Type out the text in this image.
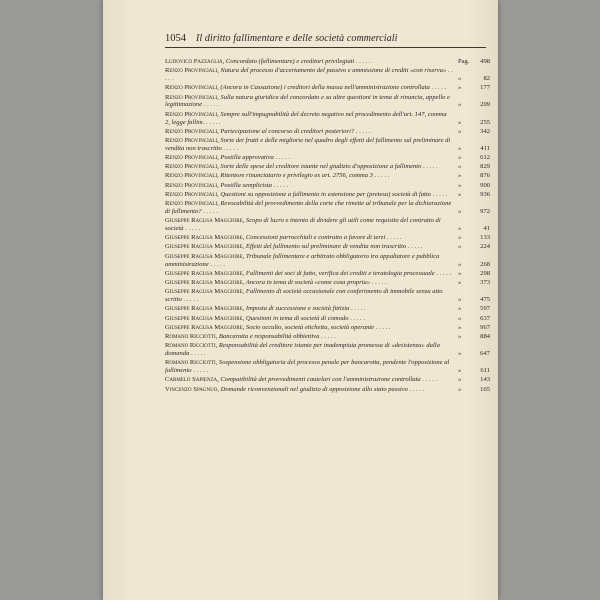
1054 Il diritto fallimentare e delle società commerciali
Ludovico Pazzaglia, Concordato (fallimentare) e creditori privilegiati . . . . .	Pag. 498
Renzo Provinciali, Natura del processo d'accertamento del passivo e ammissione di crediti «con riserva» . . . . .	»	82
Renzo Provinciali, (Ancora in Cassazione) i creditori della massa nell'amministrazione controllata . . . . .	»	177
Renzo Provinciali, Sulla natura giuridica del concordato e su altre questioni in tema di rinuncia, appello e legittimazione . . . . .	»	209
Renzo Provinciali, Sempre sull'impugnabilità del decreto negativo nel procedimento dell'art. 147, comma 2, legge fallim. . . . . .	»	255
Renzo Provinciali, Partecipazione al concorso di creditori posteriori? . . . . .	»	342
Renzo Provinciali, Sorte dei frutti e delle migliorie nel quadro degli effetti del fallimento sul preliminare di vendita non trascritto . . . . .	»	411
Renzo Provinciali, Postilla approvativa . . . . .	»	612
Renzo Provinciali, Sorte delle spese del creditore istante nel giudizio d'opposizione a fallimento . . . . .	»	829
Renzo Provinciali, Ritentore rinunciatario e privilegio ex art. 2756, comma 3 . . . . .	»	876
Renzo Provinciali, Postilla semplicista . . . . .	»	900
Renzo Provinciali, Questioni su opposizione a fallimento in estensione per (pretesa) società di fatto . . . . .	»	936
Renzo Provinciali, Revocabilità del provvedimento della corte che rimette al tribunale per la dichiarazione di fallimento? . . . . .	»	972
Giuseppe Ragusa Maggiore, Scopo di lucro e intento di dividere gli utili come requisito del contratto di società . . . . .	»	41
Giuseppe Ragusa Maggiore, Concessioni parrocchiali e contratto a favore di terzi . . . . .	»	133
Giuseppe Ragusa Maggiore, Effetti del fallimento sul preliminare di vendita non trascritto . . . . .	»	224
Giuseppe Ragusa Maggiore, Tribunale fallimentare e arbitrato obbligatorio tra appaltatore e pubblica amministrazione . . . . .	»	268
Giuseppe Ragusa Maggiore, Fallimenti dei soci di fatto, verifica dei crediti e teratologia processuale . . . . .	»	298
Giuseppe Ragusa Maggiore, Ancora in tema di società «come cosa propria» . . . . .	»	373
Giuseppe Ragusa Maggiore, Fallimento di società occasionale con conferimento di immobile senza atto scritto . . . . .	»	475
Giuseppe Ragusa Maggiore, Imposta di successione e società fittizia . . . . .	»	597
Giuseppe Ragusa Maggiore, Questioni in tema di società di comodo . . . . .	»	637
Giuseppe Ragusa Maggiore, Socio occulto, società etichetta, società operante . . . . .	»	967
Romano Ricciotti, Bancarotta e responsabilità obbiettiva . . . . .	»	884
Romano Ricciotti, Responsabilità del creditore istante per inadempiuta promessa di «desistenza» dalla domanda . . . . .	»	647
Romano Ricciotti, Sospensione obbligatoria del processo penale per bancarotta, pendente l'opposizione al fallimento . . . . .	»	611
Carmelo Sapienza, Compatibilità dei provvedimenti cautelari con l'amministrazione controllata . . . . .	»	143
Vincenzo Spagnuo, Domande riconvenzionali nel giudizio di opposizione allo stato passivo . . . . .	»	165
